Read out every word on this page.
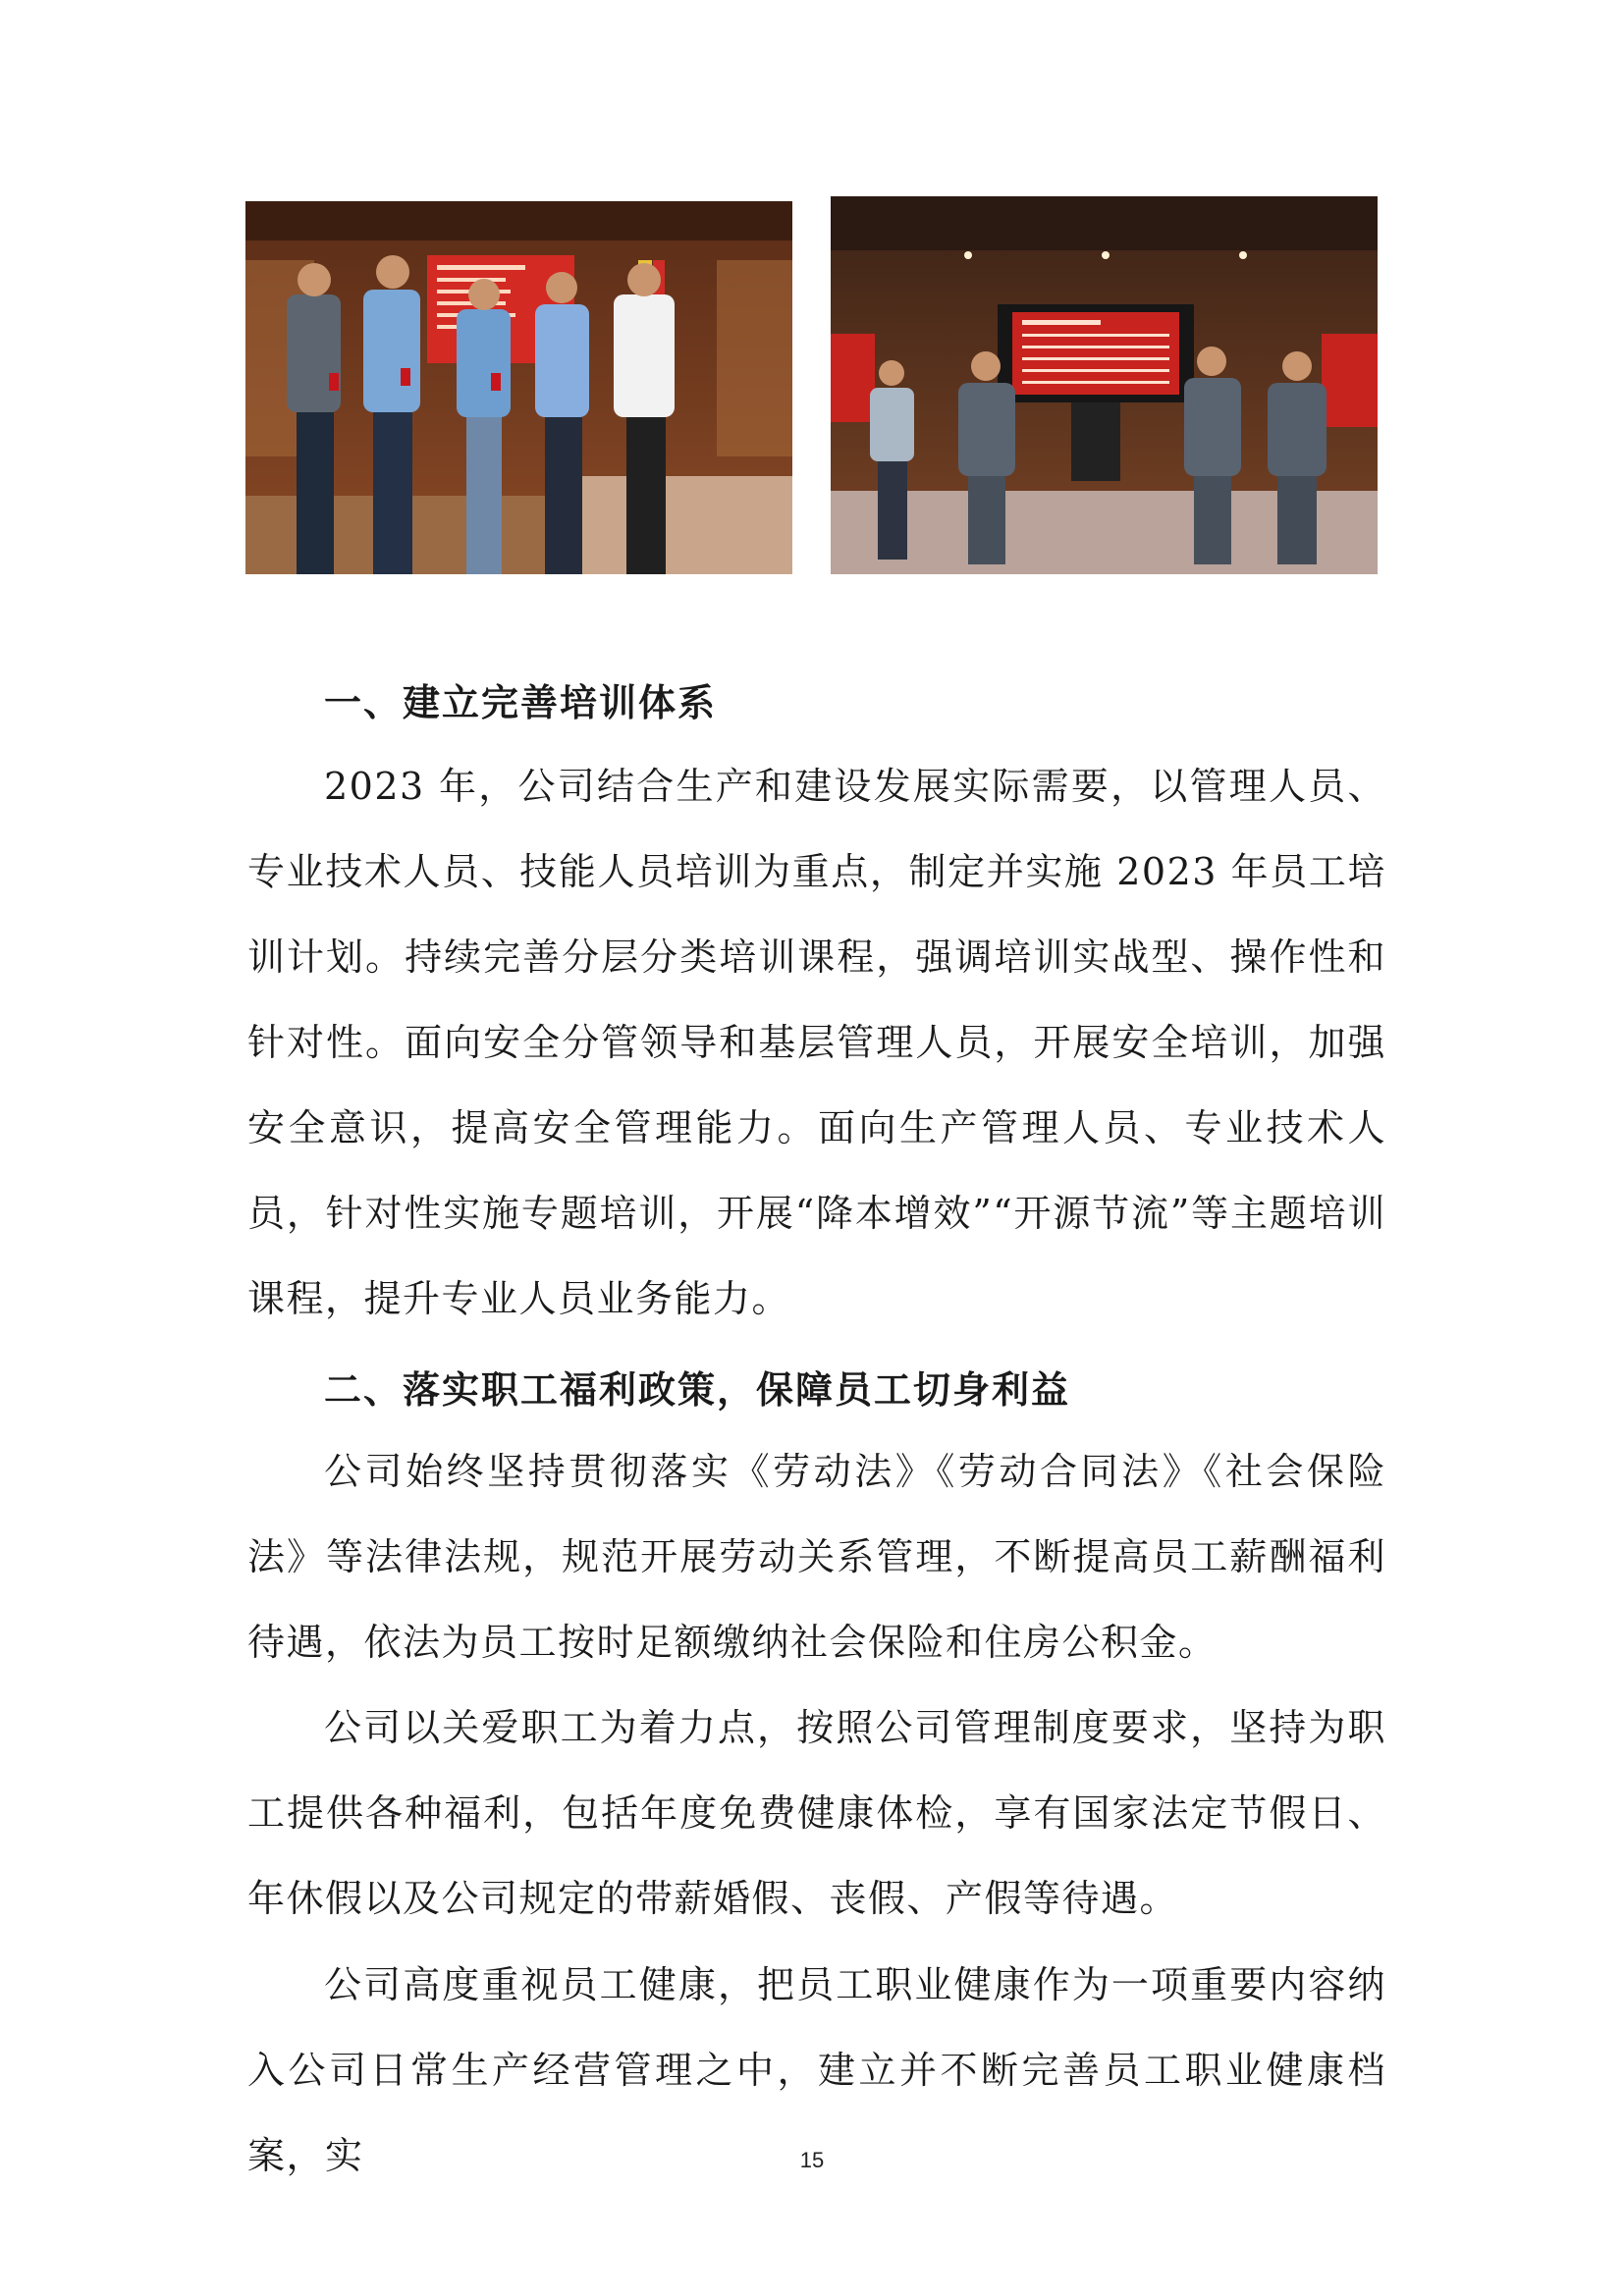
一、建立完善培训体系
2023 年，公司结合生产和建设发展实际需要，以管理人员、专业技术人员、技能人员培训为重点，制定并实施 2023 年员工培训计划。持续完善分层分类培训课程，强调培训实战型、操作性和针对性。面向安全分管领导和基层管理人员，开展安全培训，加强安全意识，提高安全管理能力。面向生产管理人员、专业技术人员，针对性实施专题培训，开展“降本增效”“开源节流”等主题培训课程，提升专业人员业务能力。
二、落实职工福利政策，保障员工切身利益
公司始终坚持贯彻落实《劳动法》《劳动合同法》《社会保险法》等法律法规，规范开展劳动关系管理，不断提高员工薪酬福利待遇，依法为员工按时足额缴纳社会保险和住房公积金。
公司以关爱职工为着力点，按照公司管理制度要求，坚持为职工提供各种福利，包括年度免费健康体检，享有国家法定节假日、年休假以及公司规定的带薪婚假、丧假、产假等待遇。
公司高度重视员工健康，把员工职业健康作为一项重要内容纳入公司日常生产经营管理之中，建立并不断完善员工职业健康档案，实	15
